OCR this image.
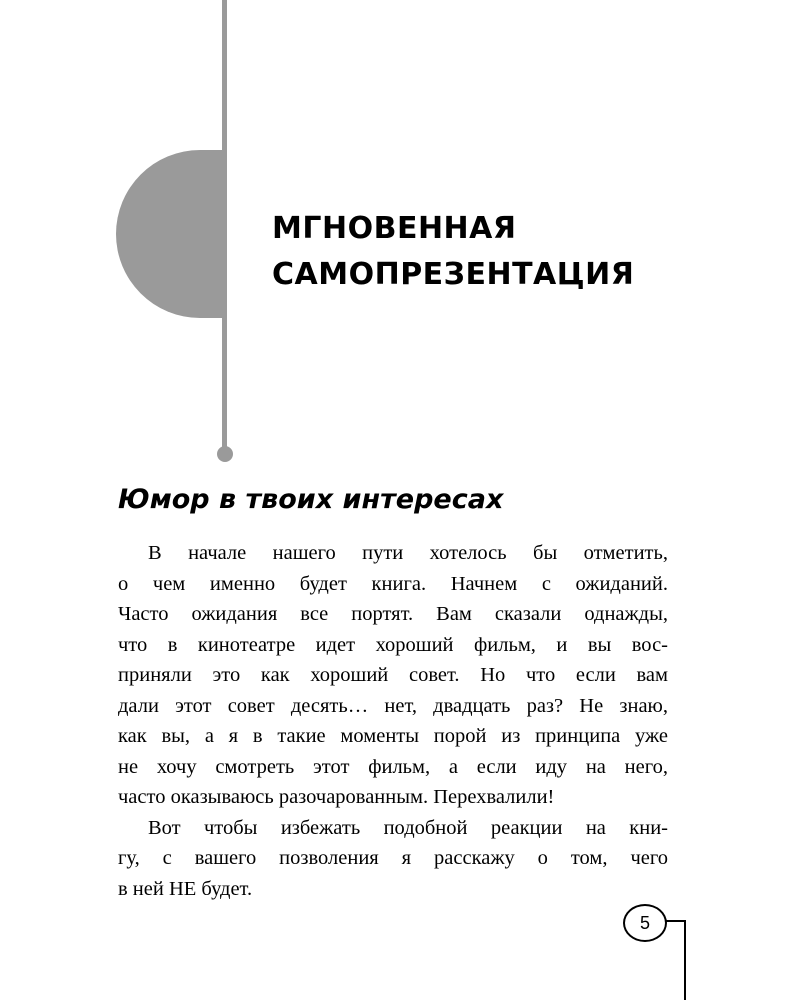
МГНОВЕННАЯ
САМОПРЕЗЕНТАЦИЯ
Юмор в твоих интересах
В начале нашего пути хотелось бы отметить,
о чем именно будет книга. Начнем с ожиданий.
Часто ожидания все портят. Вам сказали однажды,
что в кинотеатре идет хороший фильм, и вы вос-
приняли это как хороший совет. Но что если вам
дали этот совет десять… нет, двадцать раз? Не знаю,
как вы, а я в такие моменты порой из принципа уже
не хочу смотреть этот фильм, а если иду на него,
часто оказываюсь разочарованным. Перехвалили!
Вот чтобы избежать подобной реакции на кни-
гу, с вашего позволения я расскажу о том, чего
в ней НЕ будет.
5
